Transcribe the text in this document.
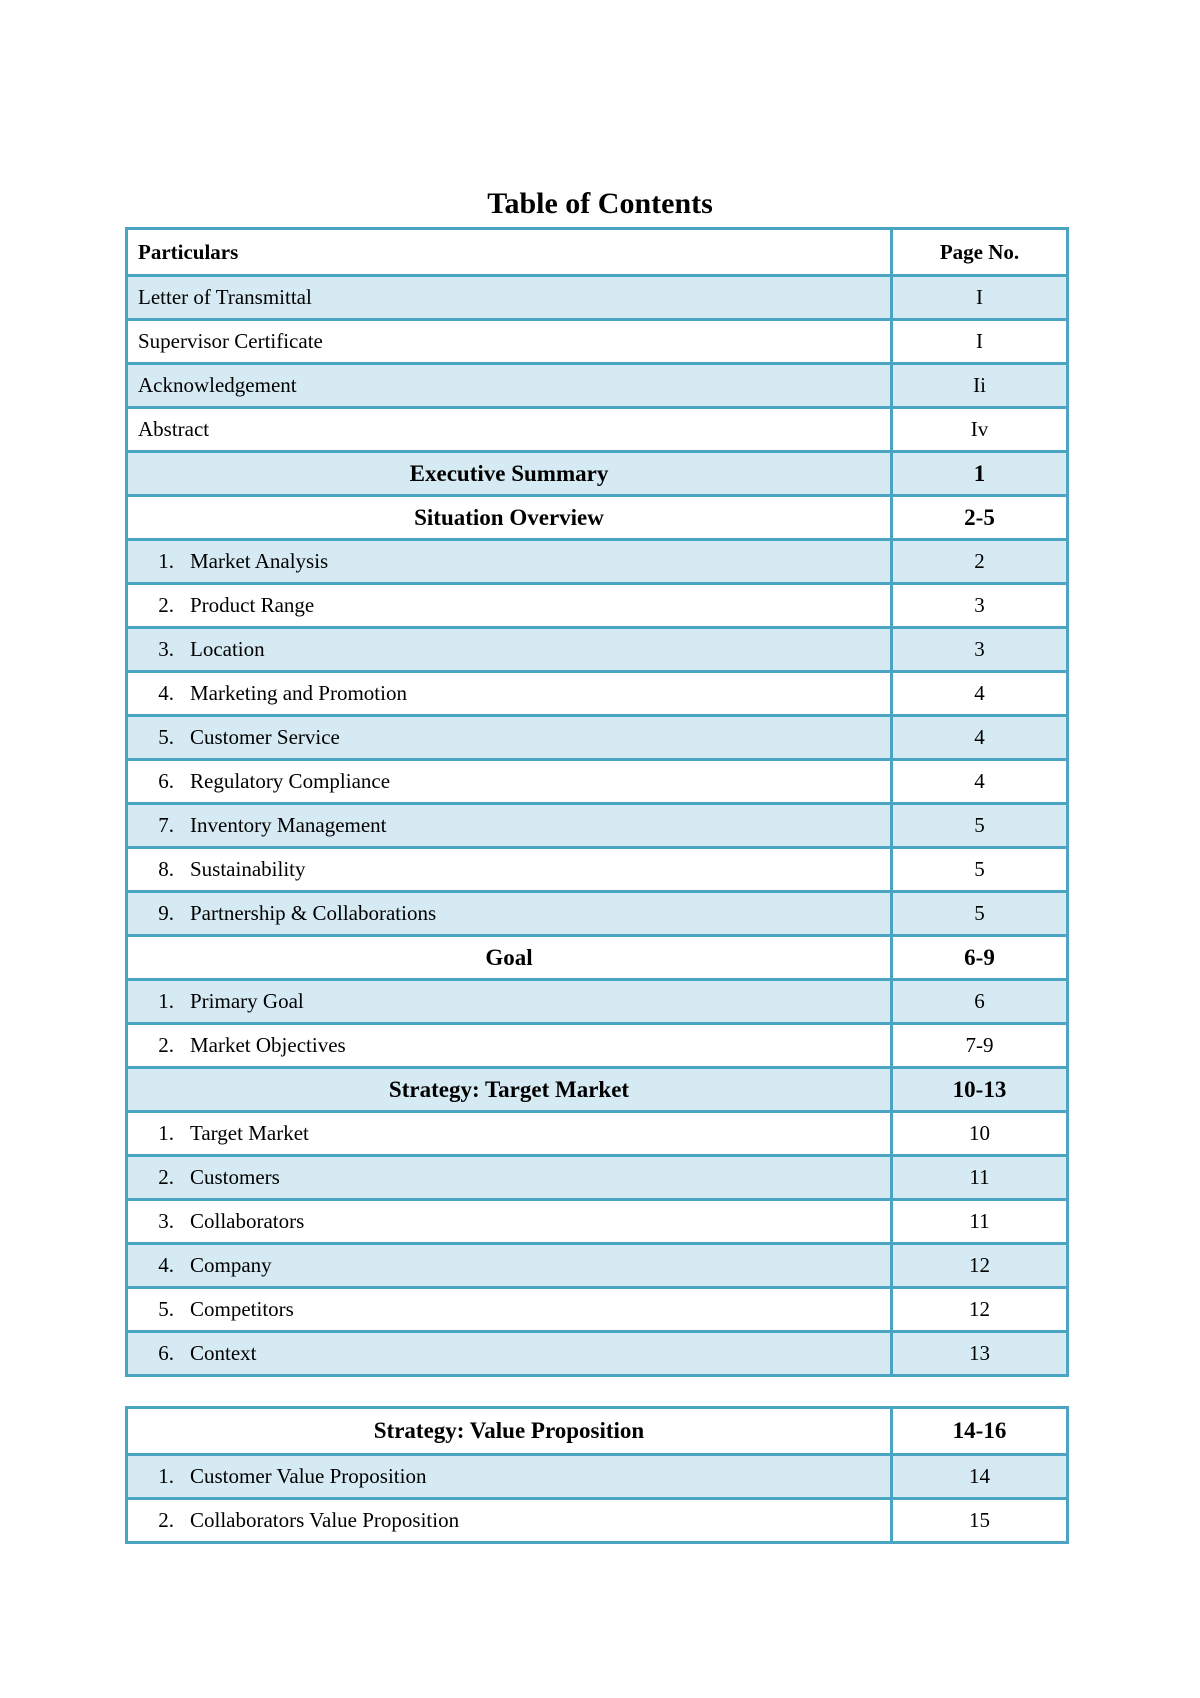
Table of Contents
Particulars	Page No.
Letter of Transmittal	I
Supervisor Certificate	I
Acknowledgement	Ii
Abstract	Iv
Executive Summary	1
Situation Overview	2-5
1. Market Analysis	2
2. Product Range	3
3. Location	3
4. Marketing and Promotion	4
5. Customer Service	4
6. Regulatory Compliance	4
7. Inventory Management	5
8. Sustainability	5
9. Partnership & Collaborations	5
Goal	6-9
1. Primary Goal	6
2. Market Objectives	7-9
Strategy: Target Market	10-13
1. Target Market	10
2. Customers	11
3. Collaborators	11
4. Company	12
5. Competitors	12
6. Context	13
Strategy: Value Proposition	14-16
1. Customer Value Proposition	14
2. Collaborators Value Proposition	15
